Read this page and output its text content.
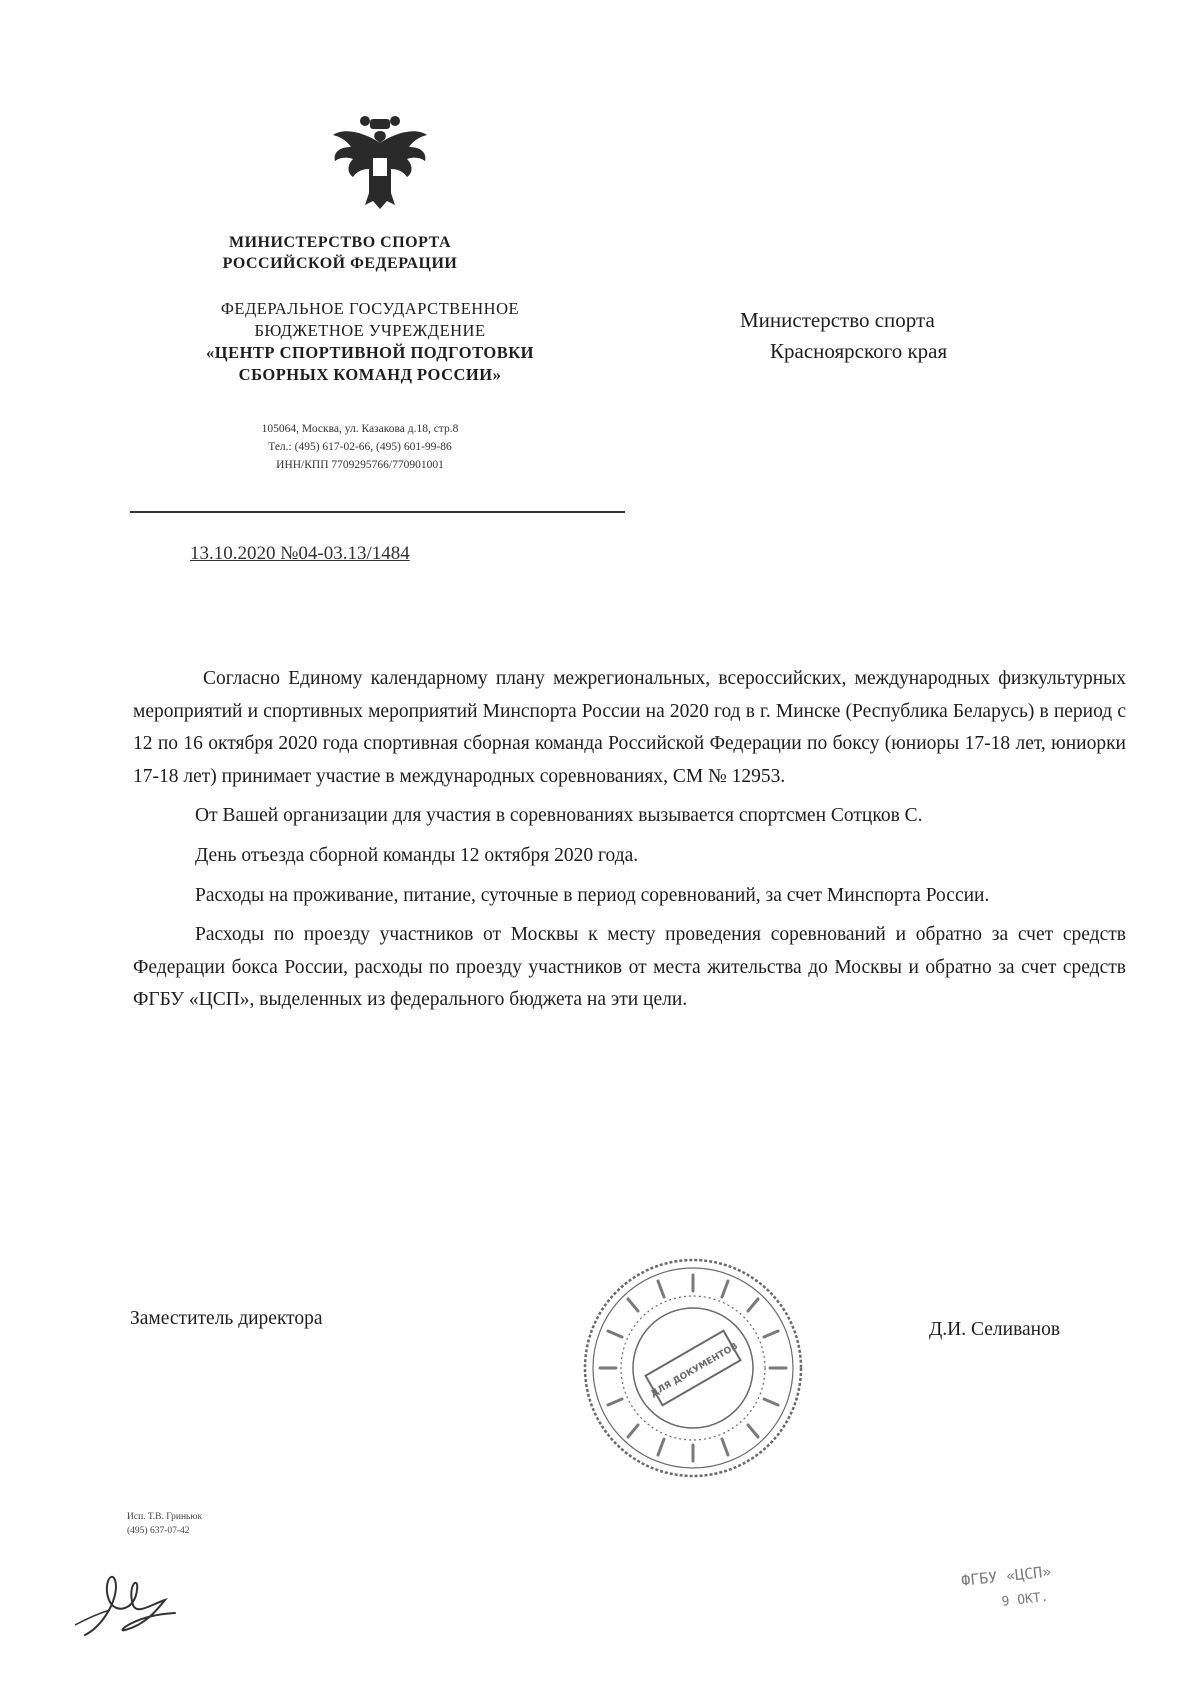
МИНИСТЕРСТВО СПОРТА
РОССИЙСКОЙ ФЕДЕРАЦИИ
ФЕДЕРАЛЬНОЕ ГОСУДАРСТВЕННОЕ
БЮДЖЕТНОЕ УЧРЕЖДЕНИЕ
«ЦЕНТР СПОРТИВНОЙ ПОДГОТОВКИ
СБОРНЫХ КОМАНД РОССИИ»
105064, Москва, ул. Казакова д.18, стр.8
Тел.: (495) 617-02-66, (495) 601-99-86
ИНН/КПП 7709295766/770901001
13.10.2020 №04-03.13/1484
Министерство спорта
Красноярского края

Согласно Единому календарному плану межрегиональных, всероссийских, международных физкультурных мероприятий и спортивных мероприятий Минспорта России на 2020 год в г. Минске (Республика Беларусь) в период с 12 по 16 октября 2020 года спортивная сборная команда Российской Федерации по боксу (юниоры 17-18 лет, юниорки 17-18 лет) принимает участие в международных соревнованиях, СМ № 12953.

От Вашей организации для участия в соревнованиях вызывается спортсмен Сотцков С.

День отъезда сборной команды 12 октября 2020 года.

Расходы на проживание, питание, суточные в период соревнований, за счет Минспорта России.

Расходы по проезду участников от Москвы к месту проведения соревнований и обратно за счет средств Федерации бокса России, расходы по проезду участников от места жительства до Москвы и обратно за счет средств ФГБУ «ЦСП», выделенных из федерального бюджета на эти цели.

Заместитель директора
Д.И. Селиванов
ДЛЯ ДОКУМЕНТОВ
Исп. Т.В. Гриньюк
(495) 637-07-42
ФГБУ «ЦСП»
9 ОКТ.
